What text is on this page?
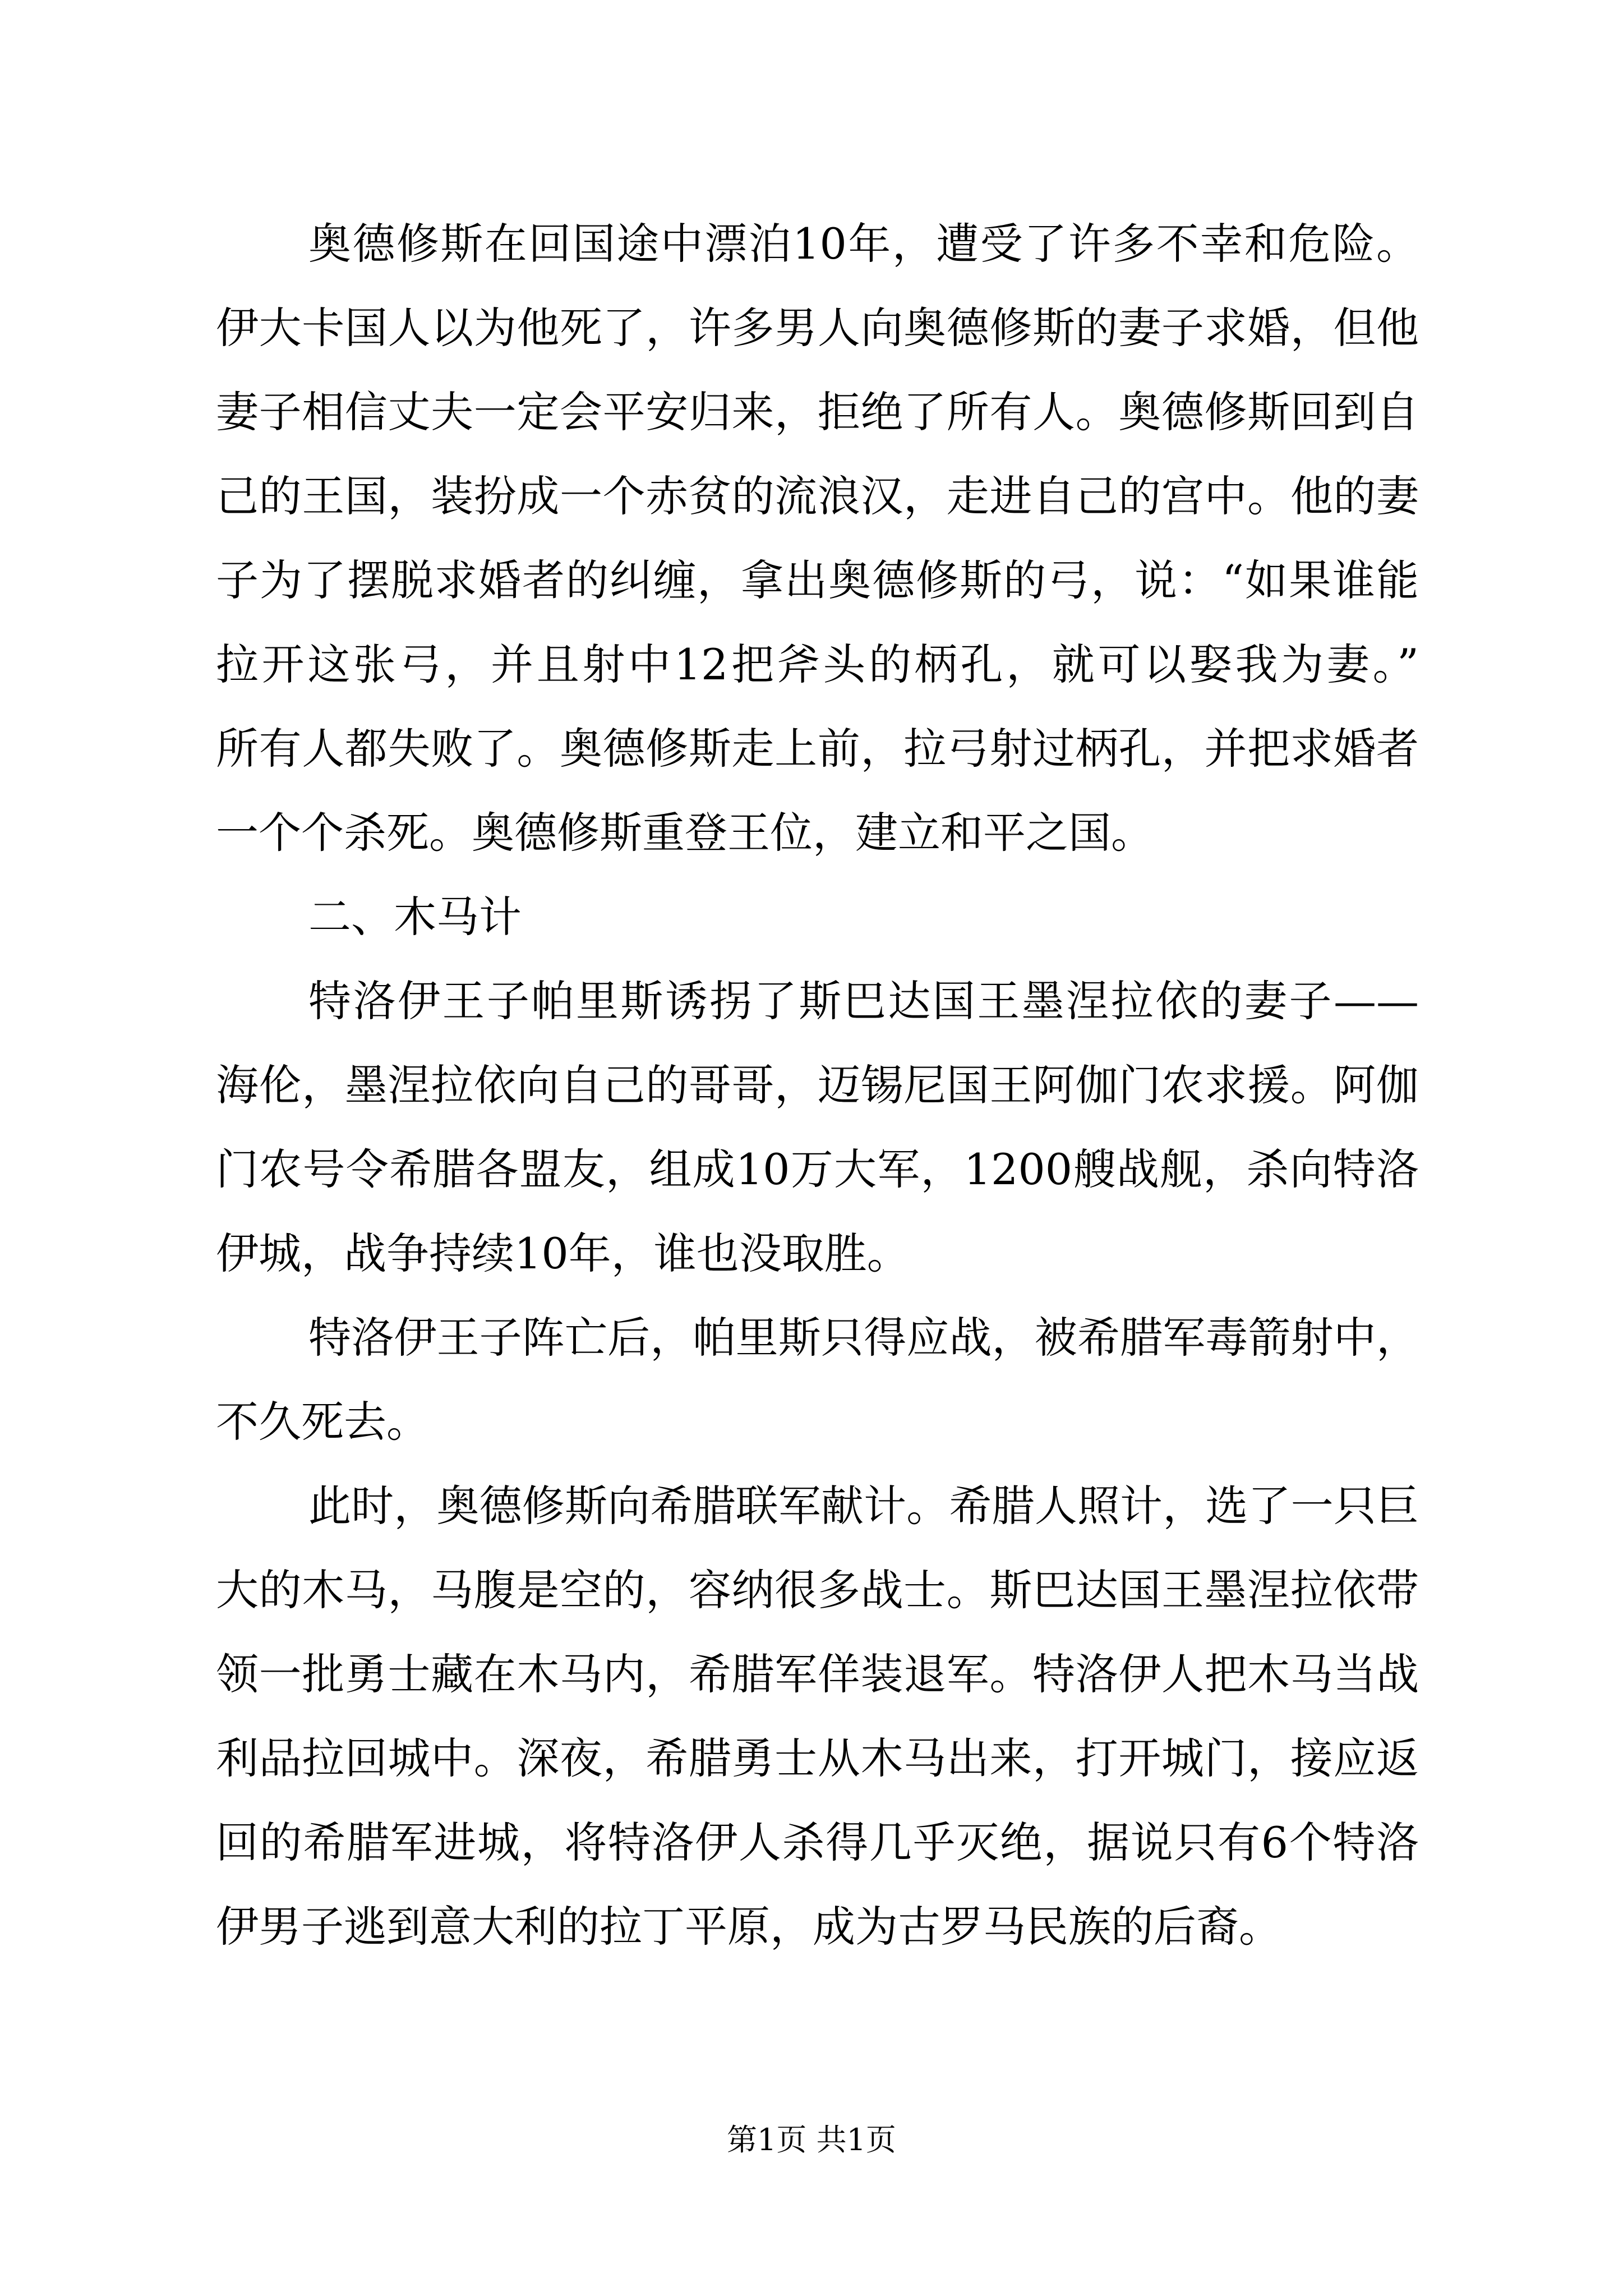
奥德修斯在回国途中漂泊10年，遭受了许多不幸和危险。
伊大卡国人以为他死了，许多男人向奥德修斯的妻子求婚，但他
妻子相信丈夫一定会平安归来，拒绝了所有人。奥德修斯回到自
己的王国，装扮成一个赤贫的流浪汉，走进自己的宫中。他的妻
子为了摆脱求婚者的纠缠，拿出奥德修斯的弓，说：“如果谁能
拉开这张弓，并且射中12把斧头的柄孔，就可以娶我为妻。”
所有人都失败了。奥德修斯走上前，拉弓射过柄孔，并把求婚者
一个个杀死。奥德修斯重登王位，建立和平之国。
二、木马计
特洛伊王子帕里斯诱拐了斯巴达国王墨涅拉依的妻子——
海伦，墨涅拉依向自己的哥哥，迈锡尼国王阿伽门农求援。阿伽
门农号令希腊各盟友，组成10万大军，1200艘战舰，杀向特洛
伊城，战争持续10年，谁也没取胜。
特洛伊王子阵亡后，帕里斯只得应战，被希腊军毒箭射中，
不久死去。
此时，奥德修斯向希腊联军献计。希腊人照计，选了一只巨
大的木马，马腹是空的，容纳很多战士。斯巴达国王墨涅拉依带
领一批勇士藏在木马内，希腊军佯装退军。特洛伊人把木马当战
利品拉回城中。深夜，希腊勇士从木马出来，打开城门，接应返
回的希腊军进城，将特洛伊人杀得几乎灭绝，据说只有6个特洛
伊男子逃到意大利的拉丁平原，成为古罗马民族的后裔。
第1页 共1页
